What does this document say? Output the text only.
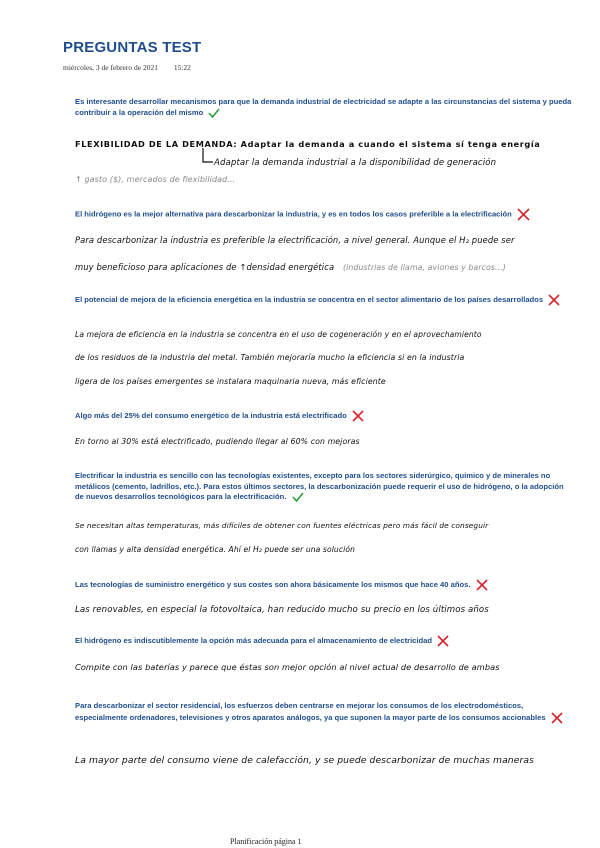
PREGUNTAS TEST
miércoles, 3 de febrero de 2021 15:22
Es interesante desarrollar mecanismos para que la demanda industrial de electricidad se adapte a las circunstancias del sistema y pueda contribuir a la operación del mismo
FLEXIBILIDAD DE LA DEMANDA: Adaptar la demanda a cuando el sistema sí tenga energía
Adaptar la demanda industrial a la disponibilidad de generación
↑ gasto ($), mercados de flexibilidad...
El hidrógeno es la mejor alternativa para descarbonizar la industria, y es en todos los casos preferible a la electrificación
Para descarbonizar la industria es preferible la electrificación, a nivel general. Aunque el H₂ puede ser
muy beneficioso para aplicaciones de ↑densidad energética (industrias de llama, aviones y barcos...)
El potencial de mejora de la eficiencia energética en la industria se concentra en el sector alimentario de los países desarrollados
La mejora de eficiencia en la industria se concentra en el uso de cogeneración y en el aprovechamiento
de los residuos de la industria del metal. También mejoraría mucho la eficiencia si en la industria
ligera de los países emergentes se instalara maquinaria nueva, más eficiente
Algo más del 25% del consumo energético de la industria está electrificado
En torno al 30% está electrificado, pudiendo llegar al 60% con mejoras
Electrificar la industria es sencillo con las tecnologías existentes, excepto para los sectores siderúrgico, químico y de minerales no metálicos (cemento, ladrillos, etc.). Para estos últimos sectores, la descarbonización puede requerir el uso de hidrógeno, o la adopción de nuevos desarrollos tecnológicos para la electrificación.
Se necesitan altas temperaturas, más difíciles de obtener con fuentes eléctricas pero más fácil de conseguir
con llamas y alta densidad energética. Ahí el H₂ puede ser una solución
Las tecnologías de suministro energético y sus costes son ahora básicamente los mismos que hace 40 años.
Las renovables, en especial la fotovoltaica, han reducido mucho su precio en los últimos años
El hidrógeno es indiscutiblemente la opción más adecuada para el almacenamiento de electricidad
Compite con las baterías y parece que éstas son mejor opción al nivel actual de desarrollo de ambas
Para descarbonizar el sector residencial, los esfuerzos deben centrarse en mejorar los consumos de los electrodomésticos, especialmente ordenadores, televisiones y otros aparatos análogos, ya que suponen la mayor parte de los consumos accionables
La mayor parte del consumo viene de calefacción, y se puede descarbonizar de muchas maneras
Planificación página 1
